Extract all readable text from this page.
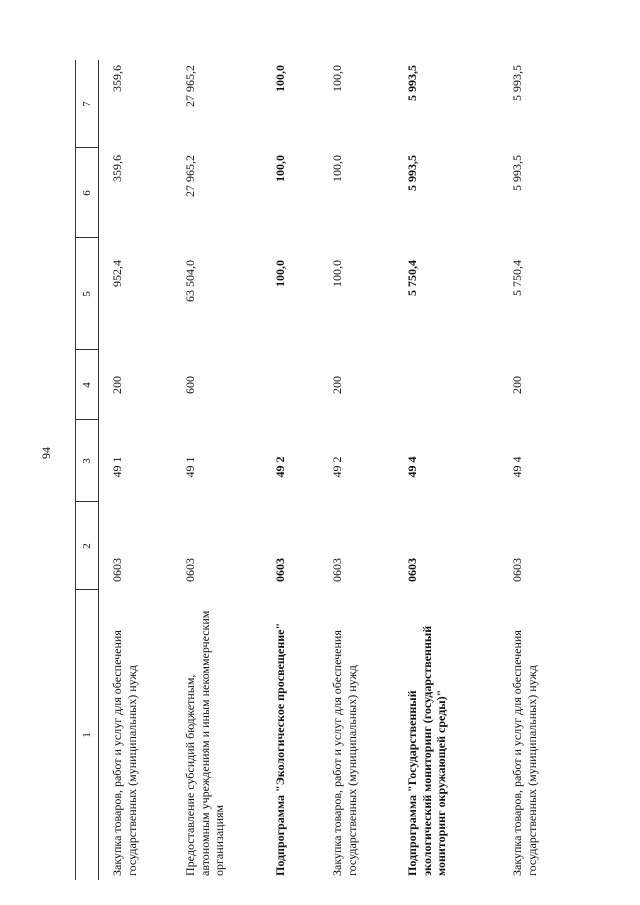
94
1
2
3
4
5
6
7
Закупка товаров, работ и услуг для обеспечения государственных (муниципальных) нужд
0603
49 1
200
952,4
359,6
359,6
Предоставление субсидий бюджетным, автономным учреждениям и иным некоммерческим организациям
0603
49 1
600
63 504,0
27 965,2
27 965,2
Подпрограмма "Экологическое просвещение"
0603
49 2
100,0
100,0
100,0
Закупка товаров, работ и услуг для обеспечения государственных (муниципальных) нужд
0603
49 2
200
100,0
100,0
100,0
Подпрограмма "Государственный экологический мониторинг (государственный мониторинг окружающей среды)"
0603
49 4
5 750,4
5 993,5
5 993,5
Закупка товаров, работ и услуг для обеспечения государственных (муниципальных) нужд
0603
49 4
200
5 750,4
5 993,5
5 993,5
